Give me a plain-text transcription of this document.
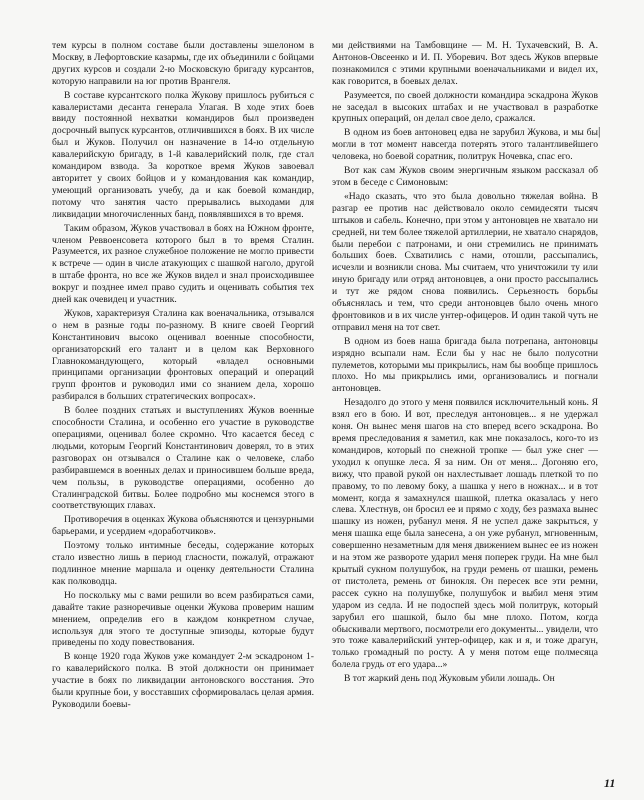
тем курсы в полном составе были доставлены эшелоном в Москву, в Лефортовские казармы, где их объединили с бойцами других курсов и создали 2-ю Московскую бригаду курсантов, которую направили на юг против Врангеля.

В составе курсантского полка Жукову пришлось рубиться с кавалеристами десанта генерала Улагая. В ходе этих боев ввиду постоянной нехватки командиров был произведен досрочный выпуск курсантов, отличившихся в боях. В их числе был и Жуков. Получил он назначение в 14-ю отдельную кавалерийскую бригаду, в 1-й кавалерийский полк, где стал командиром взвода. За короткое время Жуков завоевал авторитет у своих бойцов и у командования как командир, умеющий организовать учебу, да и как боевой командир, потому что занятия часто прерывались выходами для ликвидации многочисленных банд, появлявшихся в то время.

Таким образом, Жуков участвовал в боях на Южном фронте, членом Реввоенсовета которого был в то время Сталин. Разумеется, их разное служебное положение не могло привести к встрече — один в числе атакующих с шашкой наголо, другой в штабе фронта, но все же Жуков видел и знал происходившее вокруг и позднее имел право судить и оценивать события тех дней как очевидец и участник.

Жуков, характеризуя Сталина как военачальника, отзывался о нем в разные годы по-разному. В книге своей Георгий Константинович высоко оценивал военные способности, организаторский его талант и в целом как Верховного Главнокомандующего, который «владел основными принципами организации фронтовых операций и операций групп фронтов и руководил ими со знанием дела, хорошо разбирался в больших стратегических вопросах».

В более поздних статьях и выступлениях Жуков военные способности Сталина, и особенно его участие в руководстве операциями, оценивал более скромно. Что касается бесед с людьми, которым Георгий Константинович доверял, то в этих разговорах он отзывался о Сталине как о человеке, слабо разбиравшемся в военных делах и приносившем больше вреда, чем пользы, в руководстве операциями, особенно до Сталинградской битвы. Более подробно мы коснемся этого в соответствующих главах.

Противоречия в оценках Жукова объясняются и цензурными барьерами, и усердием «доработчиков».

Поэтому только интимные беседы, содержание которых стало известно лишь в период гласности, пожалуй, отражают подлинное мнение маршала и оценку деятельности Сталина как полководца.

Но поскольку мы с вами решили во всем разбираться сами, давайте такие разноречивые оценки Жукова проверим нашим мнением, определив его в каждом конкретном случае, используя для этого те доступные эпизоды, которые будут приведены по ходу повествования.

В конце 1920 года Жуков уже командует 2-м эскадроном 1-го кавалерийского полка. В этой должности он принимает участие в боях по ликвидации антоновского восстания. Это были крупные бои, у восставших сформировалась целая армия. Руководили боевы-

ми действиями на Тамбовщине — М. Н. Тухачевский, В. А. Антонов-Овсеенко и И. П. Уборевич. Вот здесь Жуков впервые познакомился с этими крупными военачальниками и видел их, как говорится, в боевых делах.

Разумеется, по своей должности командира эскадрона Жуков не заседал в высоких штабах и не участвовал в разработке крупных операций, он делал свое дело, сражался.

В одном из боев антоновец едва не зарубил Жукова, и мы бы могли в тот момент навсегда потерять этого талантливейшего человека, но боевой соратник, политрук Ночевка, спас его.

Вот как сам Жуков своим энергичным языком рассказал об этом в беседе с Симоновым:

«Надо сказать, что это была довольно тяжелая война. В разгар ее против нас действовало около семидесяти тысяч штыков и сабель. Конечно, при этом у антоновцев не хватало ни средней, ни тем более тяжелой артиллерии, не хватало снарядов, были перебои с патронами, и они стремились не принимать больших боев. Схватились с нами, отошли, рассыпались, исчезли и возникли снова. Мы считаем, что уничтожили ту или иную бригаду или отряд антоновцев, а они просто рассыпались и тут же рядом снова появились. Серьезность борьбы объяснялась и тем, что среди антоновцев было очень много фронтовиков и в их числе унтер-офицеров. И один такой чуть не отправил меня на тот свет.

В одном из боев наша бригада была потрепана, антоновцы изрядно всыпали нам. Если бы у нас не было полусотни пулеметов, которыми мы прикрылись, нам бы вообще пришлось плохо. Но мы прикрылись ими, организовались и погнали антоновцев.

Незадолго до этого у меня появился исключительный конь. Я взял его в бою. И вот, преследуя антоновцев... я не удержал коня. Он вынес меня шагов на сто вперед всего эскадрона. Во время преследования я заметил, как мне показалось, кого-то из командиров, который по снежной тропке — был уже снег — уходил к опушке леса. Я за ним. Он от меня... Догоняю его, вижу, что правой рукой он нахлестывает лошадь плеткой то по правому, то по левому боку, а шашка у него в ножнах... и в тот момент, когда я замахнулся шашкой, плетка оказалась у него слева. Хлестнув, он бросил ее и прямо с ходу, без размаха вынес шашку из ножен, рубанул меня. Я не успел даже закрыться, у меня шашка еще была занесена, а он уже рубанул, мгновенным, совершенно незаметным для меня движением вынес ее из ножен и на этом же развороте ударил меня поперек груди. На мне был крытый сукном полушубок, на груди ремень от шашки, ремень от пистолета, ремень от бинокля. Он пересек все эти ремни, рассек сукно на полушубке, полушубок и выбил меня этим ударом из седла. И не подоспей здесь мой политрук, который зарубил его шашкой, было бы мне плохо. Потом, когда обыскивали мертвого, посмотрели его документы... увидели, что это тоже кавалерийский унтер-офицер, как и я, и тоже драгун, только громадный по росту. А у меня потом еще полмесяца болела грудь от его удара...»

В тот жаркий день под Жуковым убили лошадь. Он

|
11
